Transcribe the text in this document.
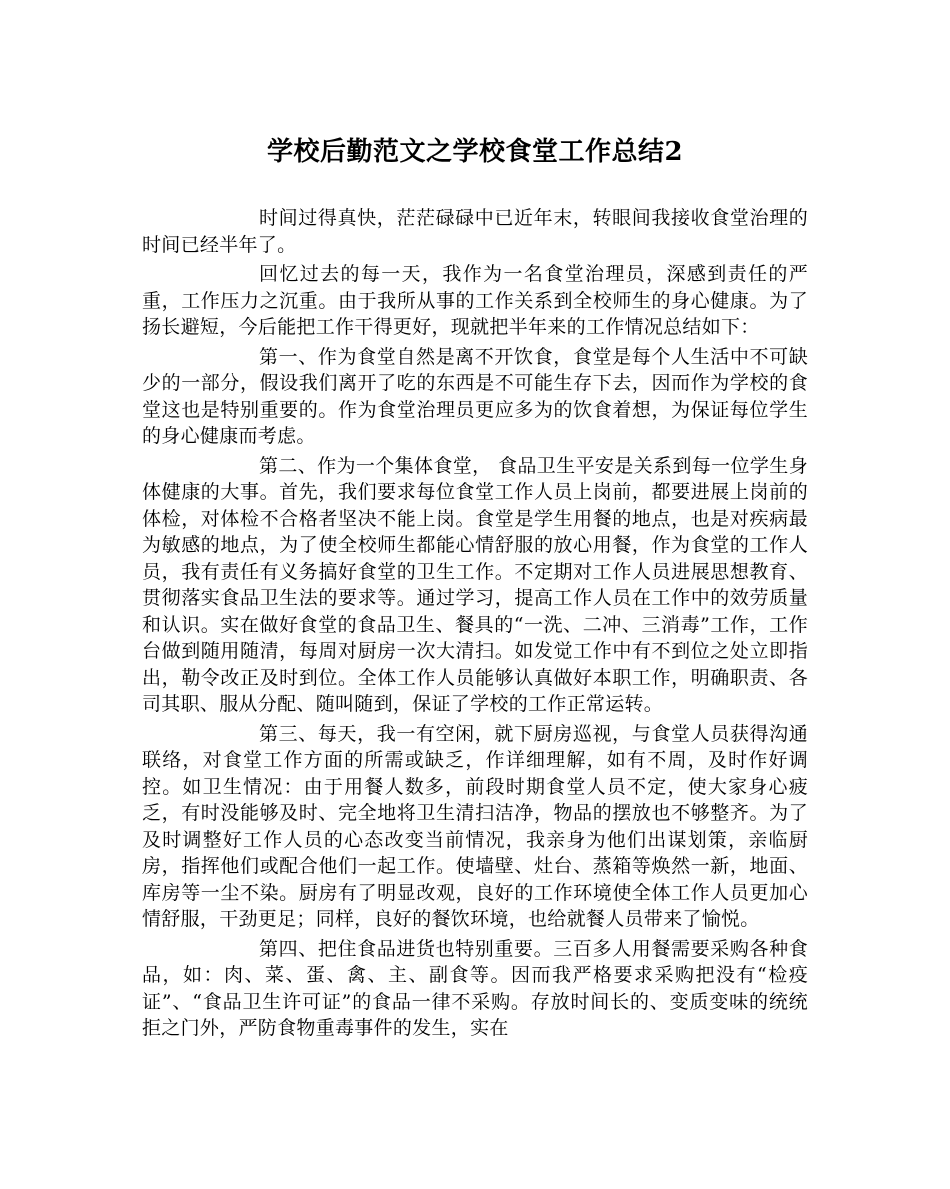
学校后勤范文之学校食堂工作总结2

时间过得真快，茫茫碌碌中已近年末，转眼间我接收食堂治理的时间已经半年了。

回忆过去的每一天，我作为一名食堂治理员，深感到责任的严重，工作压力之沉重。由于我所从事的工作关系到全校师生的身心健康。为了扬长避短，今后能把工作干得更好，现就把半年来的工作情况总结如下：

第一、作为食堂自然是离不开饮食，食堂是每个人生活中不可缺少的一部分，假设我们离开了吃的东西是不可能生存下去，因而作为学校的食堂这也是特别重要的。作为食堂治理员更应多为的饮食着想，为保证每位学生的身心健康而考虑。

第二、作为一个集体食堂， 食品卫生平安是关系到每一位学生身体健康的大事。首先，我们要求每位食堂工作人员上岗前，都要进展上岗前的体检，对体检不合格者坚决不能上岗。食堂是学生用餐的地点，也是对疾病最为敏感的地点，为了使全校师生都能心情舒服的放心用餐，作为食堂的工作人员，我有责任有义务搞好食堂的卫生工作。不定期对工作人员进展思想教育、贯彻落实食品卫生法的要求等。通过学习，提高工作人员在工作中的效劳质量和认识。实在做好食堂的食品卫生、餐具的“一洗、二冲、三消毒”工作，工作台做到随用随清，每周对厨房一次大清扫。如发觉工作中有不到位之处立即指出，勒令改正及时到位。全体工作人员能够认真做好本职工作，明确职责、各司其职、服从分配、随叫随到，保证了学校的工作正常运转。

第三、每天，我一有空闲，就下厨房巡视，与食堂人员获得沟通联络，对食堂工作方面的所需或缺乏，作详细理解，如有不周，及时作好调控。如卫生情况：由于用餐人数多，前段时期食堂人员不定，使大家身心疲乏，有时没能够及时、完全地将卫生清扫洁净，物品的摆放也不够整齐。为了及时调整好工作人员的心态改变当前情况，我亲身为他们出谋划策，亲临厨房，指挥他们或配合他们一起工作。使墙壁、灶台、蒸箱等焕然一新，地面、库房等一尘不染。厨房有了明显改观，良好的工作环境使全体工作人员更加心情舒服，干劲更足；同样，良好的餐饮环境，也给就餐人员带来了愉悦。

第四、把住食品进货也特别重要。三百多人用餐需要采购各种食品，如：肉、菜、蛋、禽、主、副食等。因而我严格要求采购把没有“检疫证”、“食品卫生许可证”的食品一律不采购。存放时间长的、变质变味的统统拒之门外，严防食物重毒事件的发生，实在
